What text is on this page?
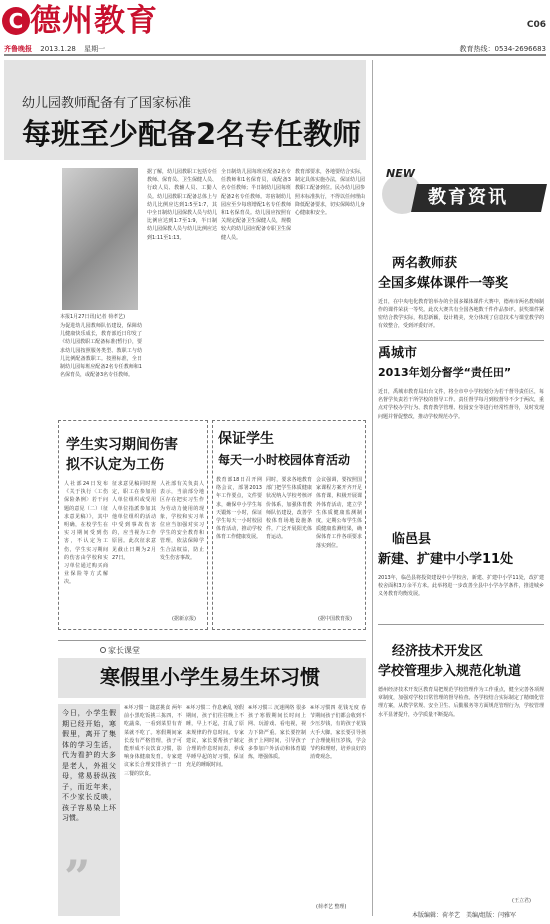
C 德州教育	C06
齐鲁晚报 2013.1.28 星期一	教育热线：0534-2696683
幼儿园教师配备有了国家标准
每班至少配备2名专任教师
本报1月27日讯(记者 荷孝艺)
为促进幼儿园教师队伍建设，保障幼儿健康快乐成长，教育部近日印发了《幼儿园教职工配备标准(暂行)》，要求幼儿园按照服务类型、教职工与幼儿比例配备教职工。按照标准，全日制幼儿园每班应配备2名专任教师和1名保育员，或配备3名专任教师。
据了解，幼儿园教职工包括专任教师、保育员、卫生保健人员、行政人员、教辅人员、工勤人员。幼儿园教职工配备总体上与幼儿比例应达到1:5至1:7，其中全日制幼儿园保教人员与幼儿比例应达到1:7至1:9，半日制幼儿园保教人员与幼儿比例应达到1:11至1:13。
全日制幼儿园每班应配备2名专任教师和1名保育员，或配备3名专任教师；半日制幼儿园每班配备2名专任教师。寄宿制幼儿园应至少每班增配1名专任教师和1名保育员。幼儿园应按照有关规定配备卫生保健人员，规模较大的幼儿园应配备专职卫生保健人员。
教育部要求，各地要结合实际，制定具体实施办法，保证幼儿园教职工配备到位。民办幼儿园参照本标准执行，不得以任何理由降低配备要求，切实保障幼儿身心健康和安全。
学生实习期间伤害
拟不认定为工伤
人社部24日发布《关于执行〈工伤保险条例〉若干问题的意见（二）（征求意见稿）》，其中明确，在校学生在实习期间受到伤害，不认定为工伤，学生实习期间的伤害由学校和实习单位通过购买商业保险等方式解决。
征求意见稿同时规定，职工在参加用人单位组织或受用人单位指派参加其他单位组织的活动中受到事故伤害的，应当视为工作原因。此次征求意见截止日期为2月27日。
人社部有关负责人表示，当前部分地区存在把实习生作为劳动力使用的现象，学校和实习单位应当加强对实习学生的安全教育和管理，依法保障学生合法权益，防止发生伤害事故。
(据新京报)
保证学生
每天一小时校园体育活动
教育部18日召开网络会议，部署2013年工作要点，文件要求，确保中小学生每天锻炼一小时，保证学生每天一小时校园体育活动，推动学校体育工作健康发展。
同时，要求各地教育部门把学生体质健康状况纳入学校考核评价体系，加强体育教师队伍建设，改善学校体育场地设施条件，广泛开展阳光体育运动。
会议强调，要按照国家课程方案开齐开足体育课，积极开展课外体育活动，建立学生体质健康监测制度，定期公布学生体质健康监测结果，确保体育工作各项要求落实到位。
(据中国教育报)
家长课堂
寒假里小学生易生坏习惯
今日，小学生假期已经开始，寒假里，离开了集体的学习生活，代为看护的大多是老人，外祖父母，常易骄纵孩子，而近年来，不少家长反映，孩子容易染上坏习惯。
”
※坏习惯一 随意挑食 两年前小黑吃饭挑三拣四，不吃蔬菜，一看到菜里有青菜就不吃了。寒假期间家长没有严格管理，孩子可能形成不良饮食习惯，影响身体健康发育。专家建议家长合理安排孩子一日三餐的饮食。
※坏习惯二 作息紊乱 寒假期间，孩子们往往晚上不睡，早上不起，打乱了原来规律的作息时间。专家建议，家长要帮孩子制定合理的作息时间表，养成早睡早起的好习惯，保证充足的睡眠时间。
※坏习惯三 沉迷网络 很多孩子寒假期间长时间上网、玩游戏、看电视，视力下降严重。家长要控制孩子上网时间，引导孩子多参加户外活动和体育锻炼，增强体质。
※坏习惯四 花钱无度 春节期间孩子们都会收到不少压岁钱，有的孩子花钱大手大脚。家长要引导孩子合理使用压岁钱，学会节约和理财，培养良好的消费观念。
(荷孝艺 整理)
NEW
教育资讯
两名教师获
全国多媒体课件一等奖
近日，在中央电化教育馆举办的全国多媒体课件大赛中，德州市两名教师制作的课件荣获一等奖。此次大赛共有全国各地数千件作品参评。获奖课件紧密结合教学实际，构思新颖，设计精美，充分体现了信息技术与课堂教学的有效整合，受到评委好评。
禹城市
2013年划分督学“责任田”
近日，禹城市教育局出台文件，将全市中小学校划分为若干督导责任区，每名督学负责若干所学校的督导工作。责任督学每月到校督导不少于两次，重点对学校办学行为、教育教学管理、校园安全等进行经常性督导，及时发现问题并督促整改，推动学校规范办学。
临邑县
新建、扩建中小学11处
2013年，临邑县将投资建设中小学校舍，新建、扩建中小学11处，改扩建校舍面积3万余平方米。此举将进一步改善全县中小学办学条件，推进城乡义务教育均衡发展。
经济技术开发区
学校管理步入规范化轨道
德州经济技术开发区教育局把规范学校管理作为工作重点，健全完善各项规章制度，加强对学校日常管理的督导检查。各学校结合实际制定了精细化管理方案，从教学常规、安全卫生、后勤服务等方面规范管理行为，学校管理水平显著提升，办学质量不断提高。
(王立君)
本版编辑：荷孝艺 美编/组版：闫雅军
